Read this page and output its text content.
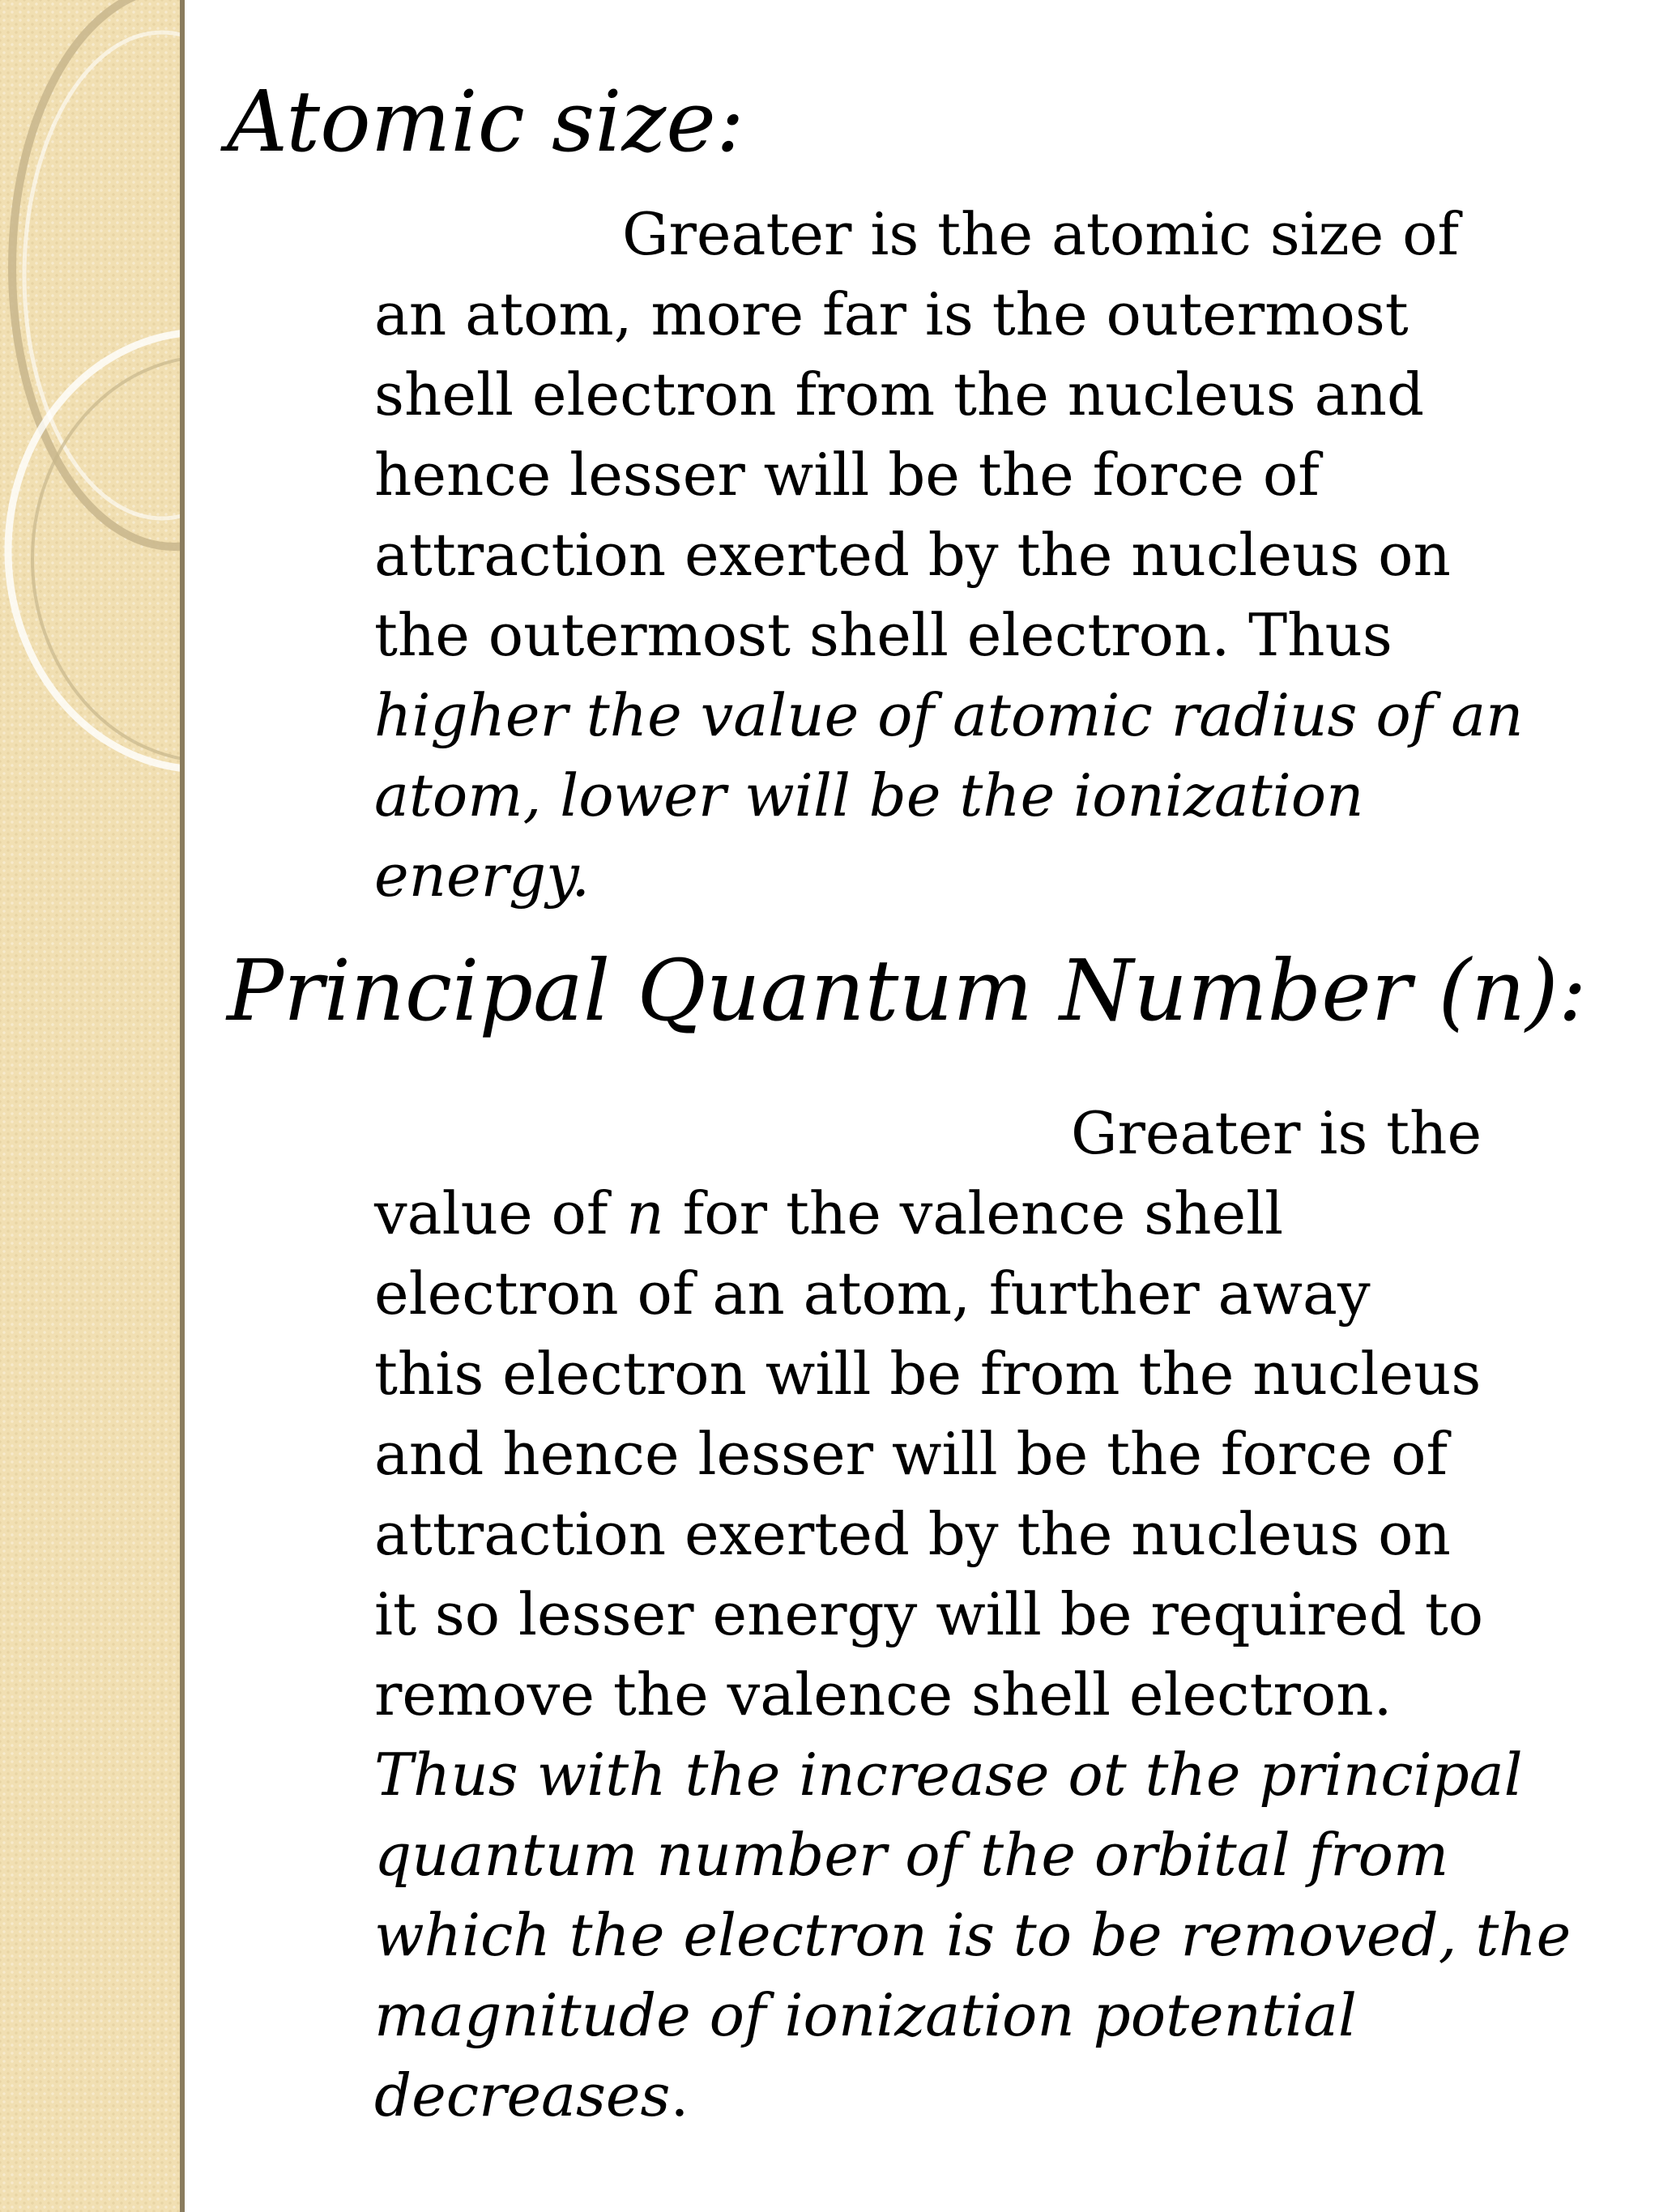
Atomic size:
Greater is the atomic size of
an atom, more far is the outermost
shell electron from the nucleus and
hence lesser will be the force of
attraction exerted by the nucleus on
the outermost shell electron. Thus
higher the value of atomic radius of an
atom, lower will be the ionization
energy.
Principal Quantum Number (n):
Greater is the
value of n for the valence shell
electron of an atom, further away
this electron will be from the nucleus
and hence lesser will be the force of
attraction exerted by the nucleus on
it so lesser energy will be required to
remove the valence shell electron.
Thus with the increase ot the principal
quantum number of the orbital from
which the electron is to be removed, the
magnitude of ionization potential
decreases.
